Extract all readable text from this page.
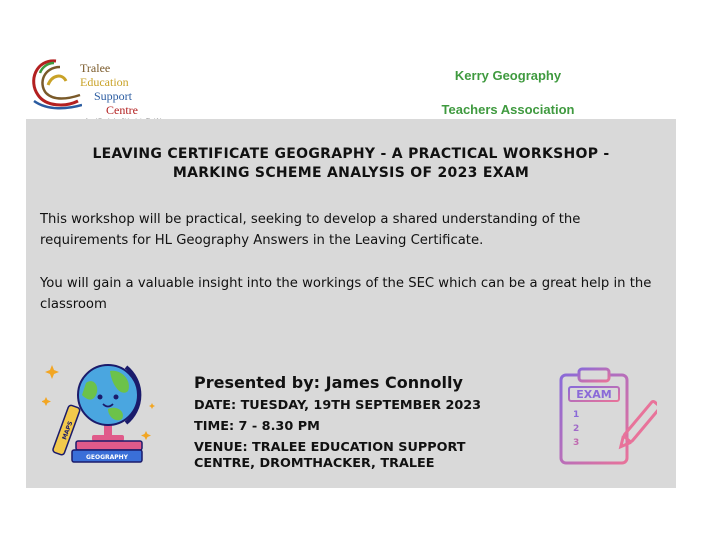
Tralee
Education
Support
Centre
Kerry Geography
Teachers Association
LEAVING CERTIFICATE GEOGRAPHY - A PRACTICAL WORKSHOP -
MARKING SCHEME ANALYSIS OF 2023 EXAM
This workshop will be practical, seeking to develop a shared understanding of the requirements for HL Geography Answers in the Leaving Certificate.
You will gain a valuable insight into the workings of the SEC which can be a great help in the classroom
GEOGRAPHY
MAPS
Presented by: James Connolly
DATE: TUESDAY, 19TH SEPTEMBER 2023
TIME: 7 - 8.30 PM
VENUE: TRALEE EDUCATION SUPPORT
CENTRE, DROMTHACKER, TRALEE
EXAM
1
2
3
